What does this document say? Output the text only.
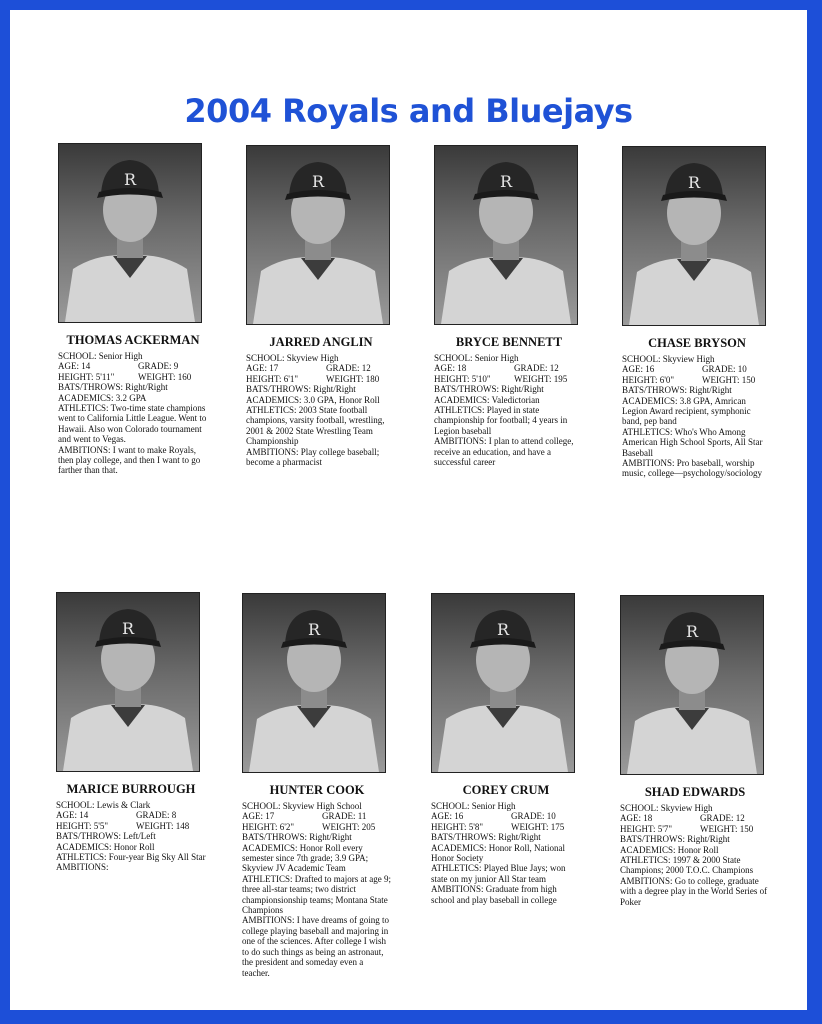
2004 Royals and Bluejays
R
THOMAS ACKERMAN
SCHOOL: Senior High
AGE: 14	GRADE: 9
HEIGHT: 5'11"	WEIGHT: 160
BATS/THROWS: Right/Right
ACADEMICS: 3.2 GPA
ATHLETICS: Two-time state champions went to California Little League. Went to Hawaii. Also won Colorado tournament and went to Vegas.
AMBITIONS: I want to make Royals, then play college, and then I want to go farther than that.
R
JARRED ANGLIN
SCHOOL: Skyview High
AGE: 17	GRADE: 12
HEIGHT: 6'1"	WEIGHT: 180
BATS/THROWS: Right/Right
ACADEMICS: 3.0 GPA, Honor Roll
ATHLETICS: 2003 State football champions, varsity football, wrestling, 2001 & 2002 State Wrestling Team Championship
AMBITIONS: Play college baseball; become a pharmacist
R
BRYCE BENNETT
SCHOOL: Senior High
AGE: 18	GRADE: 12
HEIGHT: 5'10"	WEIGHT: 195
BATS/THROWS: Right/Right
ACADEMICS: Valedictorian
ATHLETICS: Played in state championship for football; 4 years in Legion baseball
AMBITIONS: I plan to attend college, receive an education, and have a successful career
R
CHASE BRYSON
SCHOOL: Skyview High
AGE: 16	GRADE: 10
HEIGHT: 6'0"	WEIGHT: 150
BATS/THROWS: Right/Right
ACADEMICS: 3.8 GPA, Amrican Legion Award recipient, symphonic band, pep band
ATHLETICS: Who's Who Among American High School Sports, All Star Baseball
AMBITIONS: Pro baseball, worship music, college—psychology/sociology
R
MARICE BURROUGH
SCHOOL: Lewis & Clark
AGE: 14	GRADE: 8
HEIGHT: 5'5"	WEIGHT: 148
BATS/THROWS: Left/Left
ACADEMICS: Honor Roll
ATHLETICS: Four-year Big Sky All Star
AMBITIONS:
R
HUNTER COOK
SCHOOL: Skyview High School
AGE: 17	GRADE: 11
HEIGHT: 6'2"	WEIGHT: 205
BATS/THROWS: Right/Right
ACADEMICS: Honor Roll every semester since 7th grade; 3.9 GPA; Skyview JV Academic Team
ATHLETICS: Drafted to majors at age 9; three all-star teams; two district championsionship teams; Montana State Champions
AMBITIONS: I have dreams of going to college playing baseball and majoring in one of the sciences. After college I wish to do such things as being an astronaut, the president and someday even a teacher.
R
COREY CRUM
SCHOOL: Senior High
AGE: 16	GRADE: 10
HEIGHT: 5'8"	WEIGHT: 175
BATS/THROWS: Right/Right
ACADEMICS: Honor Roll, National Honor Society
ATHLETICS: Played Blue Jays; won state on my junior All Star team
AMBITIONS: Graduate from high school and play baseball in college
R
SHAD EDWARDS
SCHOOL: Skyview High
AGE: 18	GRADE: 12
HEIGHT: 5'7"	WEIGHT: 150
BATS/THROWS: Right/Right
ACADEMICS: Honor Roll
ATHLETICS: 1997 & 2000 State Champions; 2000 T.O.C. Champions
AMBITIONS: Go to college, graduate with a degree play in the World Series of Poker
